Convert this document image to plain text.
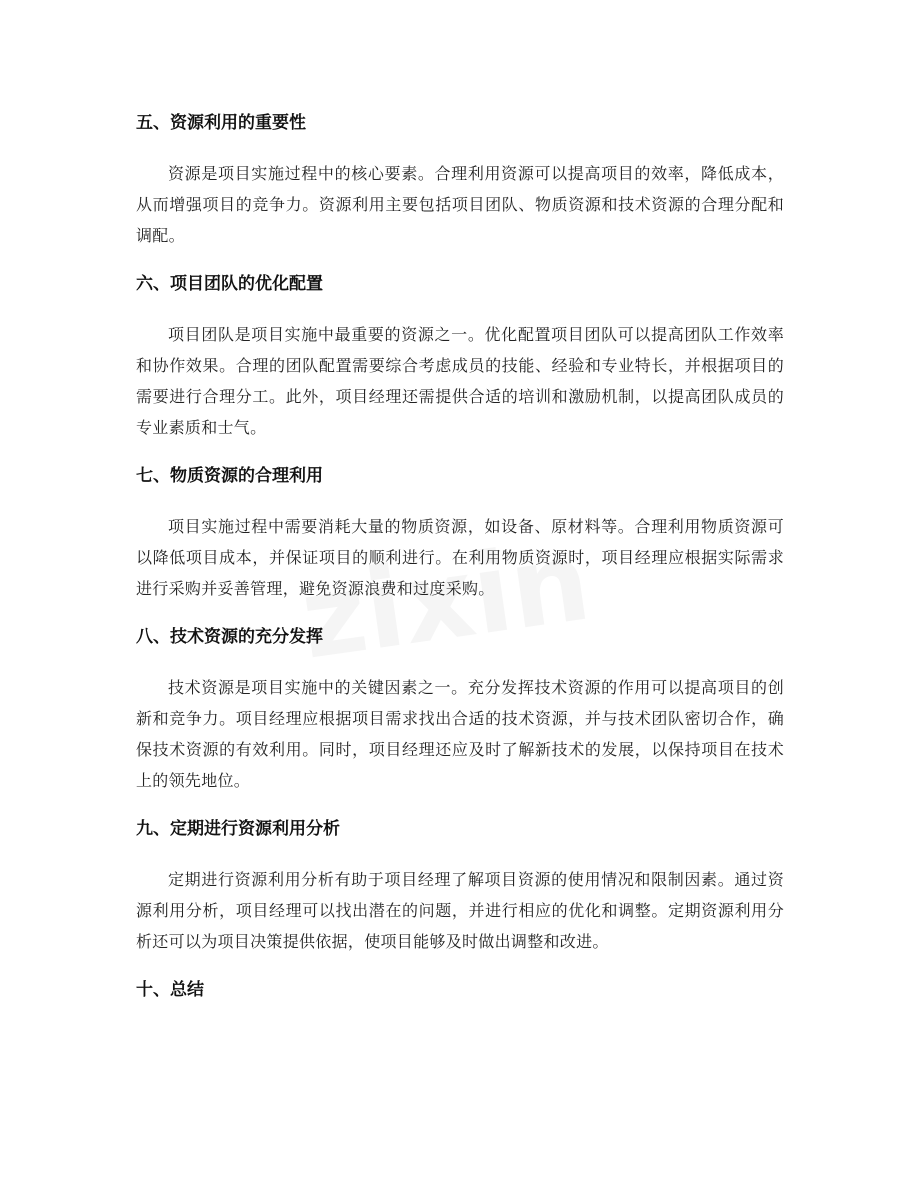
五、资源利用的重要性

资源是项目实施过程中的核心要素。合理利用资源可以提高项目的效率，降低成本，从而增强项目的竞争力。资源利用主要包括项目团队、物质资源和技术资源的合理分配和调配。

六、项目团队的优化配置

项目团队是项目实施中最重要的资源之一。优化配置项目团队可以提高团队工作效率和协作效果。合理的团队配置需要综合考虑成员的技能、经验和专业特长，并根据项目的需要进行合理分工。此外，项目经理还需提供合适的培训和激励机制，以提高团队成员的专业素质和士气。

七、物质资源的合理利用

项目实施过程中需要消耗大量的物质资源，如设备、原材料等。合理利用物质资源可以降低项目成本，并保证项目的顺利进行。在利用物质资源时，项目经理应根据实际需求进行采购并妥善管理，避免资源浪费和过度采购。

八、技术资源的充分发挥

技术资源是项目实施中的关键因素之一。充分发挥技术资源的作用可以提高项目的创新和竞争力。项目经理应根据项目需求找出合适的技术资源，并与技术团队密切合作，确保技术资源的有效利用。同时，项目经理还应及时了解新技术的发展，以保持项目在技术上的领先地位。

九、定期进行资源利用分析

定期进行资源利用分析有助于项目经理了解项目资源的使用情况和限制因素。通过资源利用分析，项目经理可以找出潜在的问题，并进行相应的优化和调整。定期资源利用分析还可以为项目决策提供依据，使项目能够及时做出调整和改进。

十、总结
